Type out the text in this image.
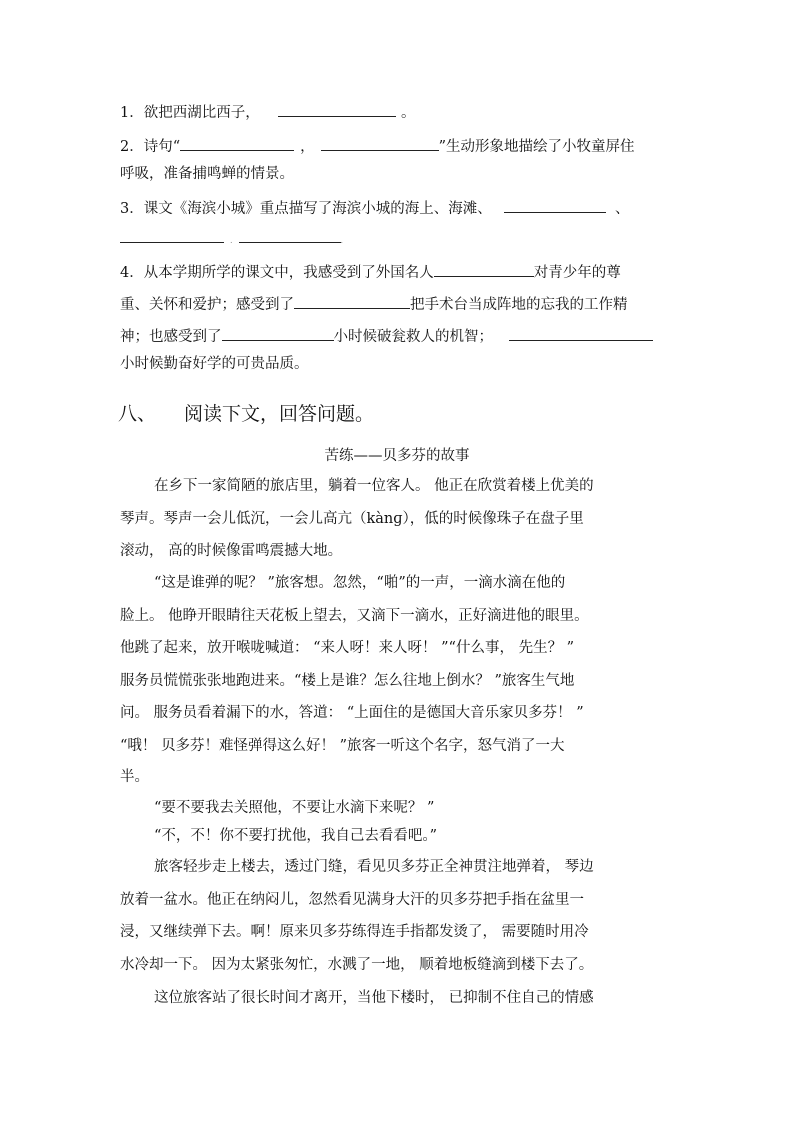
1．欲把西湖比西子，	。
2．诗句“	，	”生动形象地描绘了小牧童屏住
呼吸，准备捕鸣蝉的情景。
3．课文《海滨小城》重点描写了海滨小城的海上、海滩、	、
.	.
4．从本学期所学的课文中，我感受到了外国名人	对青少年的尊
重、关怀和爱护；感受到了	把手术台当成阵地的忘我的工作精
神；也感受到了	小时候破瓮救人的机智；
小时候勤奋好学的可贵品质。
八、 阅读下文，回答问题。
苦练——贝多芬的故事
在乡下一家简陋的旅店里，躺着一位客人。 他正在欣赏着楼上优美的
琴声。琴声一会儿低沉，一会儿高亢（kànɡ），低的时候像珠子在盘子里
滚动， 高的时候像雷鸣震撼大地。
“这是谁弹的呢？ ”旅客想。忽然，“啪”的一声，一滴水滴在他的
脸上。 他睁开眼睛往天花板上望去，又滴下一滴水，正好滴进他的眼里。
他跳了起来，放开喉咙喊道： “来人呀！来人呀！ ”“什么事， 先生？ ”
服务员慌慌张张地跑进来。“楼上是谁？怎么往地上倒水？ ”旅客生气地
问。 服务员看着漏下的水，答道： “上面住的是德国大音乐家贝多芬！ ”
“哦！ 贝多芬！难怪弹得这么好！ ”旅客一听这个名字，怒气消了一大
半。
“要不要我去关照他，不要让水滴下来呢？ ”
“不，不！你不要打扰他，我自己去看看吧。”
旅客轻步走上楼去，透过门缝，看见贝多芬正全神贯注地弹着， 琴边
放着一盆水。他正在纳闷儿，忽然看见满身大汗的贝多芬把手指在盆里一
浸，又继续弹下去。啊！原来贝多芬练得连手指都发烫了， 需要随时用冷
水冷却一下。 因为太紧张匆忙，水溅了一地， 顺着地板缝滴到楼下去了。
这位旅客站了很长时间才离开，当他下楼时， 已抑制不住自己的情感
